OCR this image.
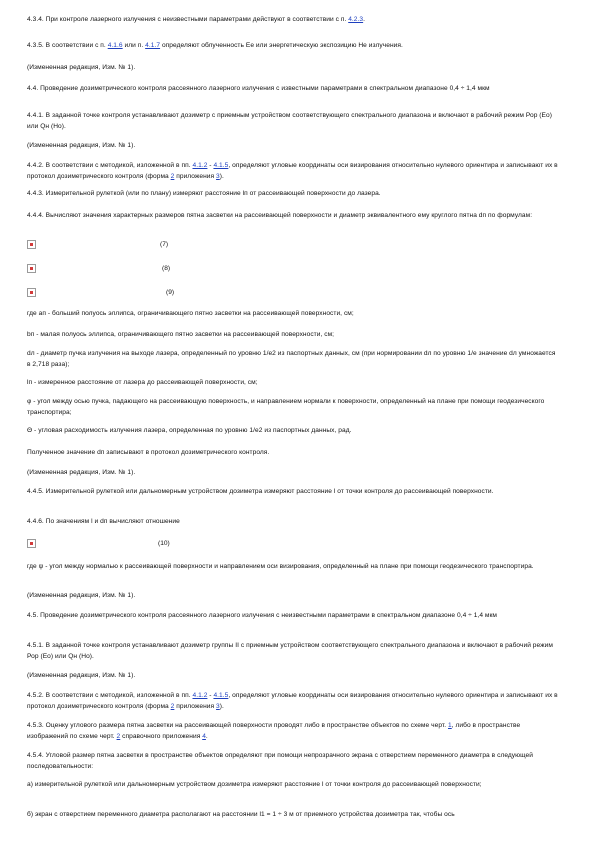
4.3.4. При контроле лазерного излучения с неизвестными параметрами действуют в соответствии с п. 4.2.3.

4.3.5. В соответствии с п. 4.1.6 или п. 4.1.7 определяют облученность Ее или энергетическую экспозицию Не излучения.

(Измененная редакция, Изм. № 1).

4.4. Проведение дозиметрического контроля рассеянного лазерного излучения с известными параметрами в спектральном диапазоне 0,4 ÷ 1,4 мкм

4.4.1. В заданной точке контроля устанавливают дозиметр с приемным устройством соответствующего спектрального диапазона и включают в рабочий режим Рор (Ео) или Qн (Но).

(Измененная редакция, Изм. № 1).

4.4.2. В соответствии с методикой, изложенной в пп. 4.1.2 - 4.1.5, определяют угловые координаты оси визирования относительно нулевого ориентира и записывают их в протокол дозиметрического контроля (форма 2 приложения 3).

4.4.3. Измерительной рулеткой (или по плану) измеряют расстояние lп от рассеивающей поверхности до лазера.

4.4.4. Вычисляют значения характерных размеров пятна засветки на рассеивающей поверхности и диаметр эквивалентного ему круглого пятна dп по формулам:

(7)
(8)
(9)

где ап - больший полуось эллипса, ограничивающего пятно засветки на рассеивающей поверхности, см;

bп - малая полуось эллипса, ограничивающего пятно засветки на рассеивающей поверхности, см;

dл - диаметр пучка излучения на выходе лазера, определенный по уровню 1/e2 из паспортных данных, см (при нормировании dл по уровню 1/e значение dл умножается в 2,718 раза);

lп - измеренное расстояние от лазера до рассеивающей поверхности, см;

φ - угол между осью пучка, падающего на рассеивающую поверхность, и направлением нормали к поверхности, определенный на плане при помощи геодезического транспортира;

Θ - угловая расходимость излучения лазера, определенная по уровню 1/e2 из паспортных данных, рад.

Полученное значение dп записывают в протокол дозиметрического контроля.

(Измененная редакция, Изм. № 1).

4.4.5. Измерительной рулеткой или дальномерным устройством дозиметра измеряют расстояние l от точки контроля до рассеивающей поверхности.

4.4.6. По значениям l и dп вычисляют отношение

(10)

где ψ - угол между нормалью к рассеивающей поверхности и направлением оси визирования, определенный на плане при помощи геодезического транспортира.

(Измененная редакция, Изм. № 1).

4.5. Проведение дозиметрического контроля рассеянного лазерного излучения с неизвестными параметрами в спектральном диапазоне 0,4 ÷ 1,4 мкм

4.5.1. В заданной точке контроля устанавливают дозиметр группы II с приемным устройством соответствующего спектрального диапазона и включают в рабочий режим Рор (Ео) или Qн (Нo).

(Измененная редакция, Изм. № 1).

4.5.2. В соответствии с методикой, изложенной в пп. 4.1.2 - 4.1.5, определяют угловые координаты оси визирования относительно нулевого ориентира и записывают их в протокол дозиметрического контроля (форма 2 приложения 3).

4.5.3. Оценку углового размера пятна засветки на рассеивающей поверхности проводят либо в пространстве объектов по схеме черт. 1, либо в пространстве изображений по схеме черт. 2 справочного приложения 4.

4.5.4. Угловой размер пятна засветки в пространстве объектов определяют при помощи непрозрачного экрана с отверстием переменного диаметра в следующей последовательности:

а) измерительной рулеткой или дальномерным устройством дозиметра измеряют расстояние l от точки контроля до рассеивающей поверхности;

б) экран с отверстием переменного диаметра располагают на расстоянии l1 = 1 ÷ 3 м от приемного устройства дозиметра так, чтобы ось
